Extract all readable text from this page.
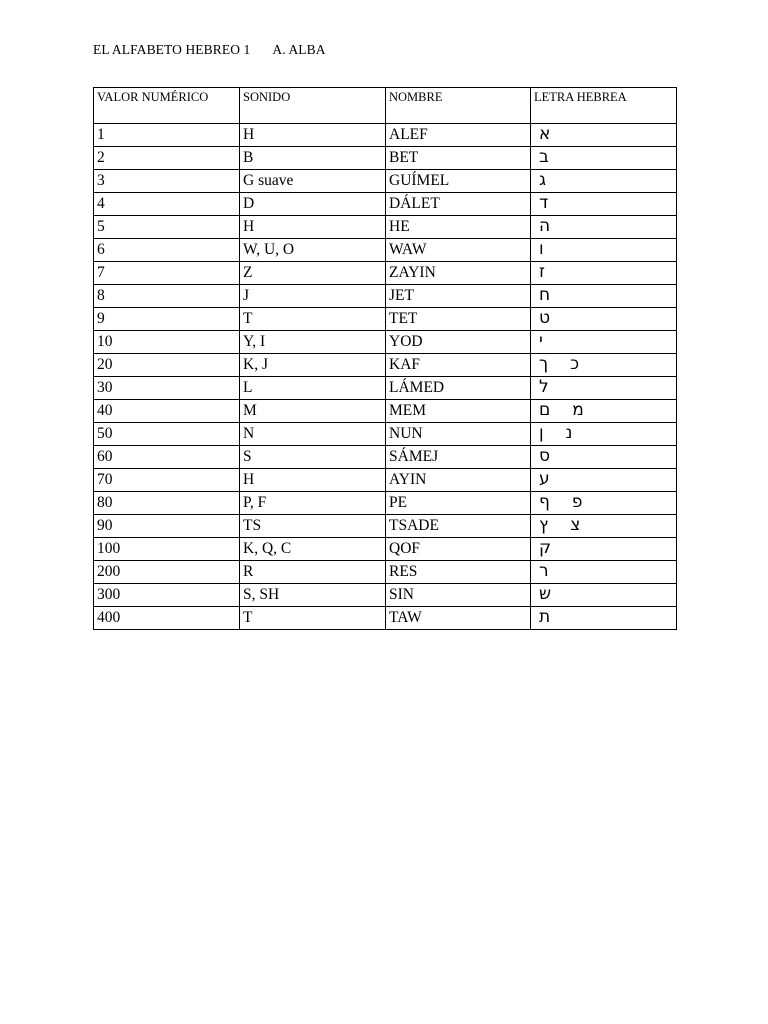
EL ALFABETO HEBREO 1 A. ALBA
VALOR NUMÉRICO	SONIDO	NOMBRE	LETRA HEBREA
1	H	ALEF	א
2	B	BET	ב
3	G suave	GUÍMEL	ג
4	D	DÁLET	ד
5	H	HE	ה
6	W, U, O	WAW	ו
7	Z	ZAYIN	ז
8	J	JET	ח
9	T	TET	ט
10	Y, I	YOD	י
20	K, J	KAF	ך כ
30	L	LÁMED	ל
40	M	MEM	ם מ
50	N	NUN	ן נ
60	S	SÁMEJ	ס
70	H	AYIN	ע
80	P, F	PE	ף פ
90	TS	TSADE	ץ צ
100	K, Q, C	QOF	ק
200	R	RES	ר
300	S, SH	SIN	ש
400	T	TAW	ת
